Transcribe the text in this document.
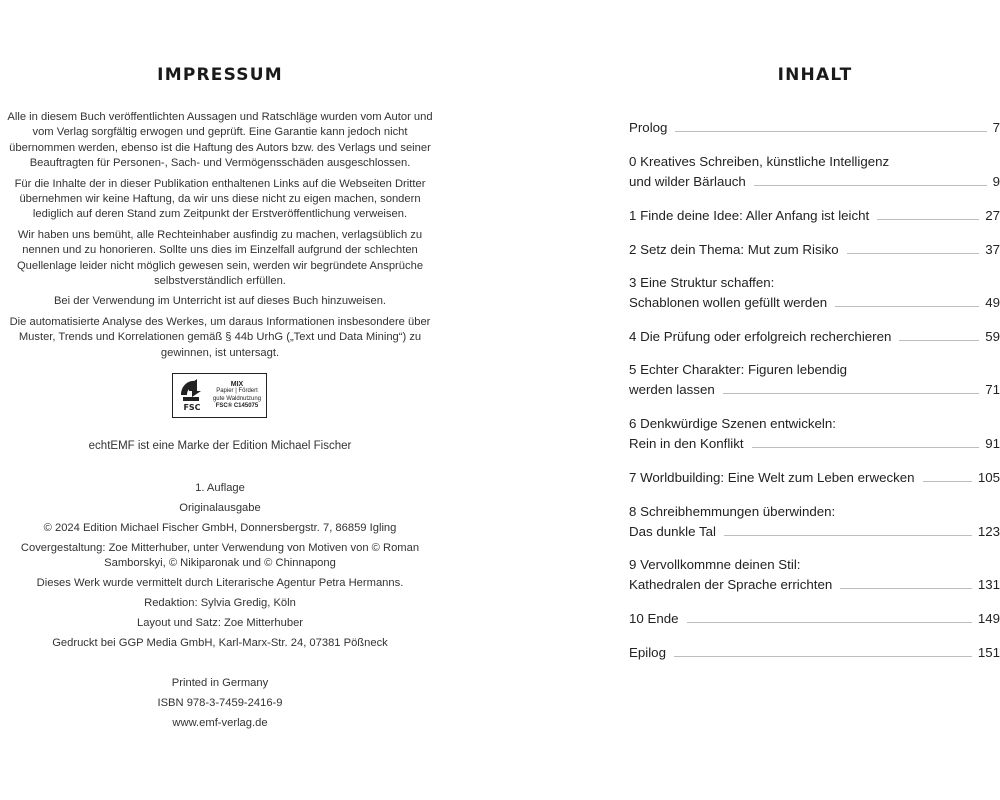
IMPRESSUM

Alle in diesem Buch veröffentlichten Aussagen und Ratschläge wurden vom Autor und vom Verlag sorgfältig erwogen und geprüft. Eine Garantie kann jedoch nicht übernommen werden, ebenso ist die Haftung des Autors bzw. des Verlags und seiner Beauftragten für Personen-, Sach- und Vermögensschäden ausgeschlossen.

Für die Inhalte der in dieser Publikation enthaltenen Links auf die Webseiten Dritter übernehmen wir keine Haftung, da wir uns diese nicht zu eigen machen, sondern lediglich auf deren Stand zum Zeitpunkt der Erstveröffentlichung verweisen.

Wir haben uns bemüht, alle Rechteinhaber ausfindig zu machen, verlagsüblich zu nennen und zu honorieren. Sollte uns dies im Einzelfall aufgrund der schlechten Quellenlage leider nicht möglich gewesen sein, werden wir begründete Ansprüche selbstverständlich erfüllen.

Bei der Verwendung im Unterricht ist auf dieses Buch hinzuweisen.

Die automatisierte Analyse des Werkes, um daraus Informationen insbesondere über Muster, Trends und Korrelationen gemäß § 44b UrhG („Text und Data Mining“) zu gewinnen, ist untersagt.

FSC
MIX
Papier | Fördert
gute Waldnutzung
FSC® C145075
echtEMF ist eine Marke der Edition Michael Fischer
1. Auflage
Originalausgabe
© 2024 Edition Michael Fischer GmbH, Donnersbergstr. 7, 86859 Igling
Covergestaltung: Zoe Mitterhuber, unter Verwendung von Motiven von © Roman Samborskyi, © Nikiparonak und © Chinnapong
Dieses Werk wurde vermittelt durch Literarische Agentur Petra Hermanns.
Redaktion: Sylvia Gredig, Köln
Layout und Satz: Zoe Mitterhuber
Gedruckt bei GGP Media GmbH, Karl-Marx-Str. 24, 07381 Pößneck
Printed in Germany
ISBN 978-3-7459-2416-9
www.emf-verlag.de
INHALT
Prolog	7
0 Kreatives Schreiben, künstliche Intelligenz
und wilder Bärlauch	9
1 Finde deine Idee: Aller Anfang ist leicht	27
2 Setz dein Thema: Mut zum Risiko	37
3 Eine Struktur schaffen:
Schablonen wollen gefüllt werden	49
4 Die Prüfung oder erfolgreich recherchieren	59
5 Echter Charakter: Figuren lebendig
werden lassen	71
6 Denkwürdige Szenen entwickeln:
Rein in den Konflikt	91
7 Worldbuilding: Eine Welt zum Leben erwecken	105
8 Schreibhemmungen überwinden:
Das dunkle Tal	123
9 Vervollkommne deinen Stil:
Kathedralen der Sprache errichten	131
10 Ende	149
Epilog	151
